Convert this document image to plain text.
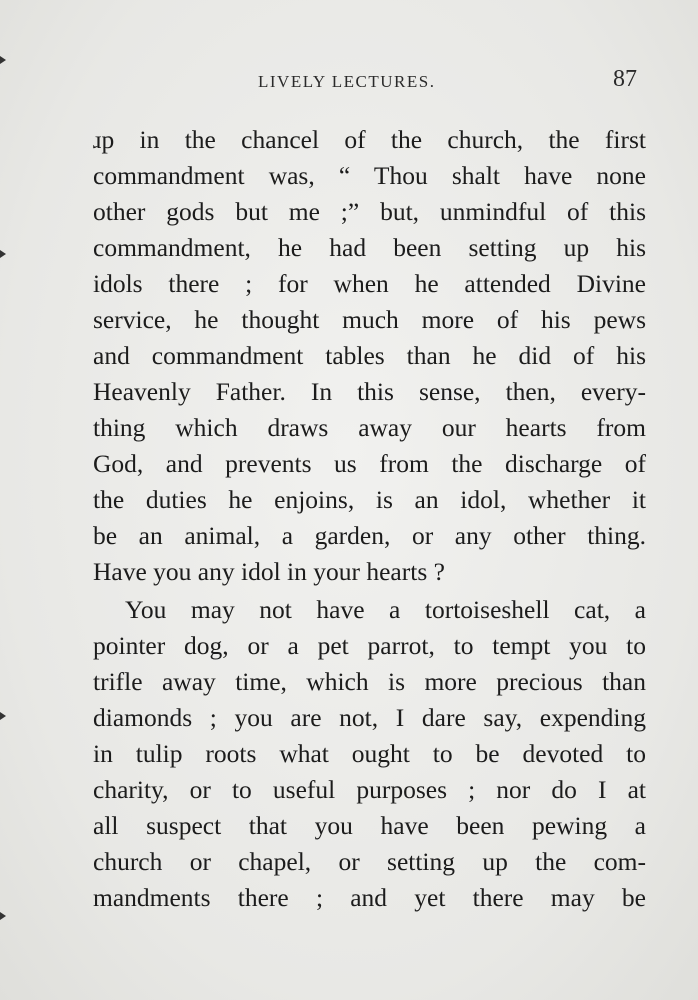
LIVELY LECTURES.	87
ɹp in the chancel of the church, the first
commandment was, “ Thou shalt have none
other gods but me ;” but, unmindful of this
commandment, he had been setting up his
idols there ; for when he attended Divine
service, he thought much more of his pews
and commandment tables than he did of his
Heavenly Father. In this sense, then, every-
thing which draws away our hearts from
God, and prevents us from the discharge of
the duties he enjoins, is an idol, whether it
be an animal, a garden, or any other thing.
Have you any idol in your hearts ?
You may not have a tortoiseshell cat, a
pointer dog, or a pet parrot, to tempt you to
trifle away time, which is more precious than
diamonds ; you are not, I dare say, expending
in tulip roots what ought to be devoted to
charity, or to useful purposes ; nor do I at
all suspect that you have been pewing a
church or chapel, or setting up the com-
mandments there ; and yet there may be
